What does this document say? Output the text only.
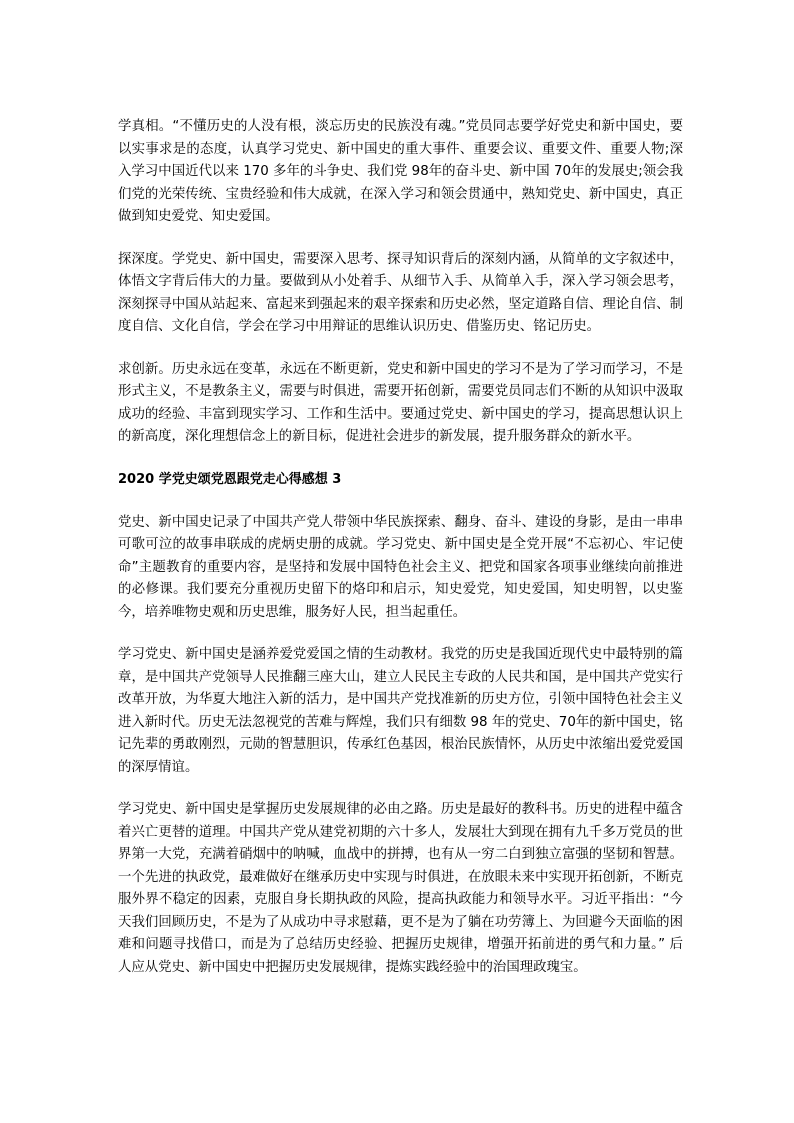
学真相。“不懂历史的人没有根，淡忘历史的民族没有魂。”党员同志要学好党史和新中国史，要以实事求是的态度，认真学习党史、新中国史的重大事件、重要会议、重要文件、重要人物;深入学习中国近代以来 170 多年的斗争史、我们党 98年的奋斗史、新中国 70年的发展史;领会我们党的光荣传统、宝贵经验和伟大成就，在深入学习和领会贯通中，熟知党史、新中国史，真正做到知史爱党、知史爱国。

探深度。学党史、新中国史，需要深入思考、探寻知识背后的深刻内涵，从简单的文字叙述中，体悟文字背后伟大的力量。要做到从小处着手、从细节入手、从简单入手，深入学习领会思考，深刻探寻中国从站起来、富起来到强起来的艰辛探索和历史必然，坚定道路自信、理论自信、制度自信、文化自信，学会在学习中用辩证的思维认识历史、借鉴历史、铭记历史。

求创新。历史永远在变革，永远在不断更新，党史和新中国史的学习不是为了学习而学习，不是形式主义，不是教条主义，需要与时俱进，需要开拓创新，需要党员同志们不断的从知识中汲取成功的经验、丰富到现实学习、工作和生活中。要通过党史、新中国史的学习，提高思想认识上的新高度，深化理想信念上的新目标，促进社会进步的新发展，提升服务群众的新水平。

2020 学党史颂党恩跟党走心得感想 3

党史、新中国史记录了中国共产党人带领中华民族探索、翻身、奋斗、建设的身影，是由一串串可歌可泣的故事串联成的虎炳史册的成就。学习党史、新中国史是全党开展“不忘初心、牢记使命”主题教育的重要内容，是坚持和发展中国特色社会主义、把党和国家各项事业继续向前推进的必修课。我们要充分重视历史留下的烙印和启示，知史爱党，知史爱国，知史明智，以史鉴今，培养唯物史观和历史思维，服务好人民，担当起重任。

学习党史、新中国史是涵养爱党爱国之情的生动教材。我党的历史是我国近现代史中最特别的篇章，是中国共产党领导人民推翻三座大山，建立人民民主专政的人民共和国，是中国共产党实行改革开放，为华夏大地注入新的活力，是中国共产党找准新的历史方位，引领中国特色社会主义进入新时代。历史无法忽视党的苦难与辉煌，我们只有细数 98 年的党史、70年的新中国史，铭记先辈的勇敢刚烈，元勋的智慧胆识，传承红色基因，根治民族情怀，从历史中浓缩出爱党爱国的深厚情谊。

学习党史、新中国史是掌握历史发展规律的必由之路。历史是最好的教科书。历史的进程中蕴含着兴亡更替的道理。中国共产党从建党初期的六十多人，发展壮大到现在拥有九千多万党员的世界第一大党，充满着硝烟中的呐喊，血战中的拼搏，也有从一穷二白到独立富强的坚韧和智慧。一个先进的执政党，最难做好在继承历史中实现与时俱进，在放眼未来中实现开拓创新，不断克服外界不稳定的因素，克服自身长期执政的风险，提高执政能力和领导水平。习近平指出：“今天我们回顾历史，不是为了从成功中寻求慰藉，更不是为了躺在功劳簿上、为回避今天面临的困难和问题寻找借口，而是为了总结历史经验、把握历史规律，增强开拓前进的勇气和力量。” 后人应从党史、新中国史中把握历史发展规律，提炼实践经验中的治国理政瑰宝。
